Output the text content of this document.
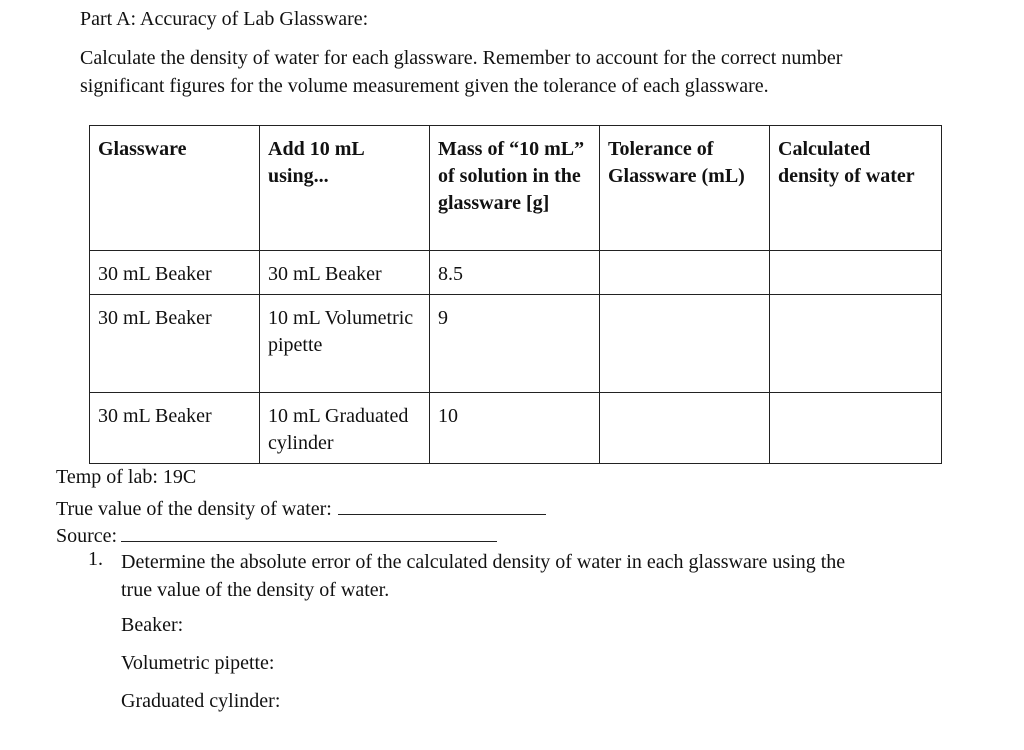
Part A: Accuracy of Lab Glassware:
Calculate the density of water for each glassware. Remember to account for the correct number
significant figures for the volume measurement given the tolerance of each glassware.
Glassware	Add 10 mL using...	Mass of “10 mL” of solution in the glassware [g]	Tolerance of Glassware (mL)	Calculated density of water
30 mL Beaker	30 mL Beaker	8.5		
30 mL Beaker	10 mL Volumetric pipette	9		
30 mL Beaker	10 mL Graduated cylinder	10		
Temp of lab: 19C
True value of the density of water:
Source:
1. Determine the absolute error of the calculated density of water in each glassware using the
true value of the density of water.
Beaker:
Volumetric pipette:
Graduated cylinder:
